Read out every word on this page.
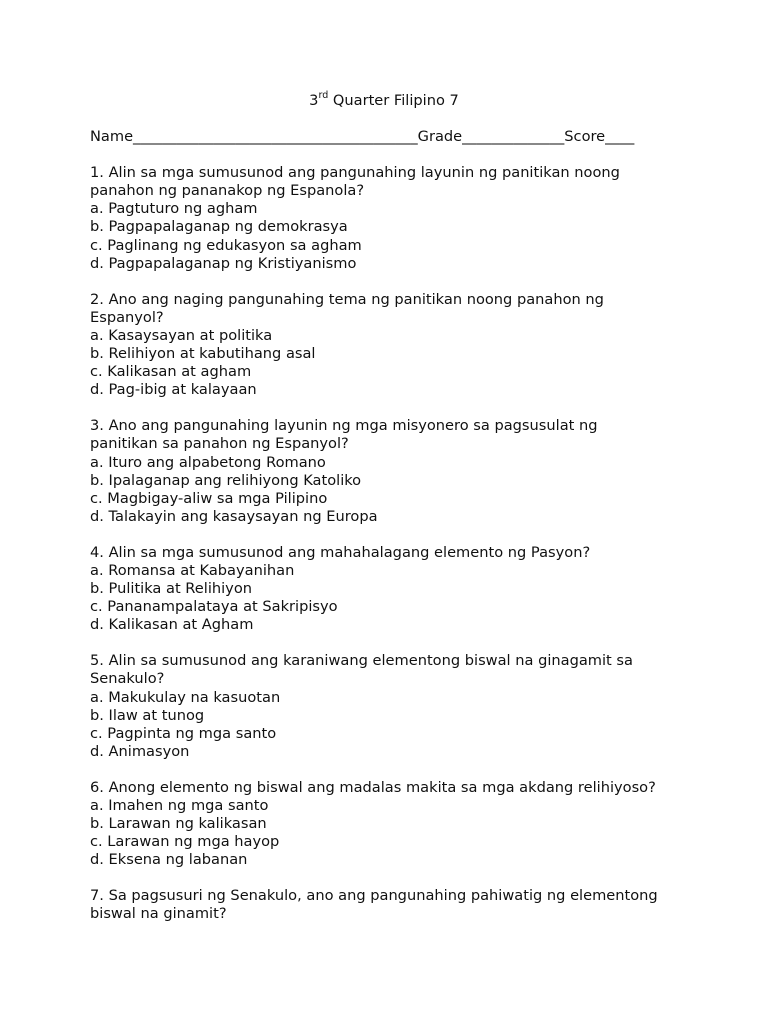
3rd Quarter Filipino 7
Name_______________________________________Grade______________Score____
1. Alin sa mga sumusunod ang pangunahing layunin ng panitikan noong
panahon ng pananakop ng Espanola?
a. Pagtuturo ng agham
b. Pagpapalaganap ng demokrasya
c. Paglinang ng edukasyon sa agham
d. Pagpapalaganap ng Kristiyanismo
2. Ano ang naging pangunahing tema ng panitikan noong panahon ng
Espanyol?
a. Kasaysayan at politika
b. Relihiyon at kabutihang asal
c. Kalikasan at agham
d. Pag-ibig at kalayaan
3. Ano ang pangunahing layunin ng mga misyonero sa pagsusulat ng
panitikan sa panahon ng Espanyol?
a. Ituro ang alpabetong Romano
b. Ipalaganap ang relihiyong Katoliko
c. Magbigay-aliw sa mga Pilipino
d. Talakayin ang kasaysayan ng Europa
4. Alin sa mga sumusunod ang mahahalagang elemento ng Pasyon?
a. Romansa at Kabayanihan
b. Pulitika at Relihiyon
c. Pananampalataya at Sakripisyo
d. Kalikasan at Agham
5. Alin sa sumusunod ang karaniwang elementong biswal na ginagamit sa
Senakulo?
a. Makukulay na kasuotan
b. Ilaw at tunog
c. Pagpinta ng mga santo
d. Animasyon
6. Anong elemento ng biswal ang madalas makita sa mga akdang relihiyoso?
a. Imahen ng mga santo
b. Larawan ng kalikasan
c. Larawan ng mga hayop
d. Eksena ng labanan
7. Sa pagsusuri ng Senakulo, ano ang pangunahing pahiwatig ng elementong
biswal na ginamit?
